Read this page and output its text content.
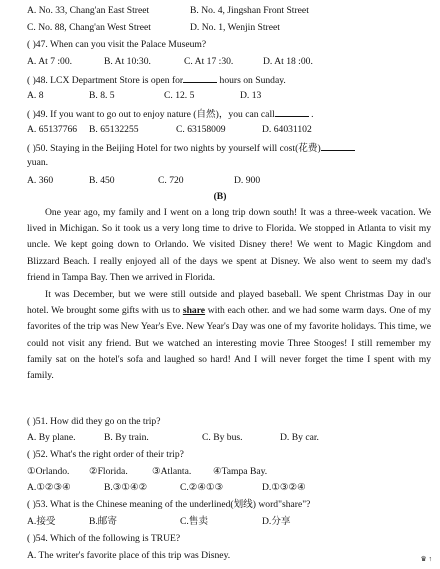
A. No. 33, Chang'an East Street	B. No. 4, Jingshan Front Street
C. No. 88, Chang'an West Street	D. No. 1, Wenjin Street
( )47. When can you visit the Palace Museum?
A. At 7 :00.	B. At 10:30.	C. At 17 :30.	D. At 18 :00.
( )48. LCX Department Store is open for	hours on Sunday.
A. 8	B. 8. 5	C. 12. 5	D. 13
( )49. If you want to go out to enjoy nature (自然)，you can call	.
A. 65137766 B. 65132255	C. 63158009	D. 64031102
( )50. Staying in the Beijing Hotel for two nights by yourself will cost(花费)
yuan.
A. 360	B. 450	C. 720	D. 900
(B)
One year ago, my family and I went on a long trip down south! It was a three-week vacation. We lived in Michigan. So it took us a very long time to drive to Florida. We stopped in Atlanta to visit my uncle. We kept going down to Orlando. We visited Disney there! We went to Magic Kingdom and Blizzard Beach. I really enjoyed all of the days we spent at Disney. We also went to seem my dad's friend in Tampa Bay. Then we arrived in Florida.
It was December, but we were still outside and played baseball. We spent Christmas Day in our hotel. We brought some gifts with us to share with each other. and we had some warm days. One of my favorites of the trip was New Year's Eve. New Year's Day was one of my favorite holidays. This time, we could not visit any friend. But we watched an interesting movie Three Stooges! I still remember my family sat on the hotel's sofa and laughed so hard! And I will never forget the time I spent with my family.
( )51. How did they go on the trip?
A. By plane.	B. By train.	C. By bus.	D. By car.
( )52. What's the right order of their trip?
①Orlando. ②Florida.	③Atlanta. ④Tampa Bay.
A.①②③④	B.③①④②	C.②④①③	D.①③②④
( )53. What is the Chinese meaning of the underlined(划线) word"share"?
A.接受	B.邮寄	C.售卖	D.分享
( )54. Which of the following is TRUE?
A. The writer's favorite place of this trip was Disney.	♛ ↑
